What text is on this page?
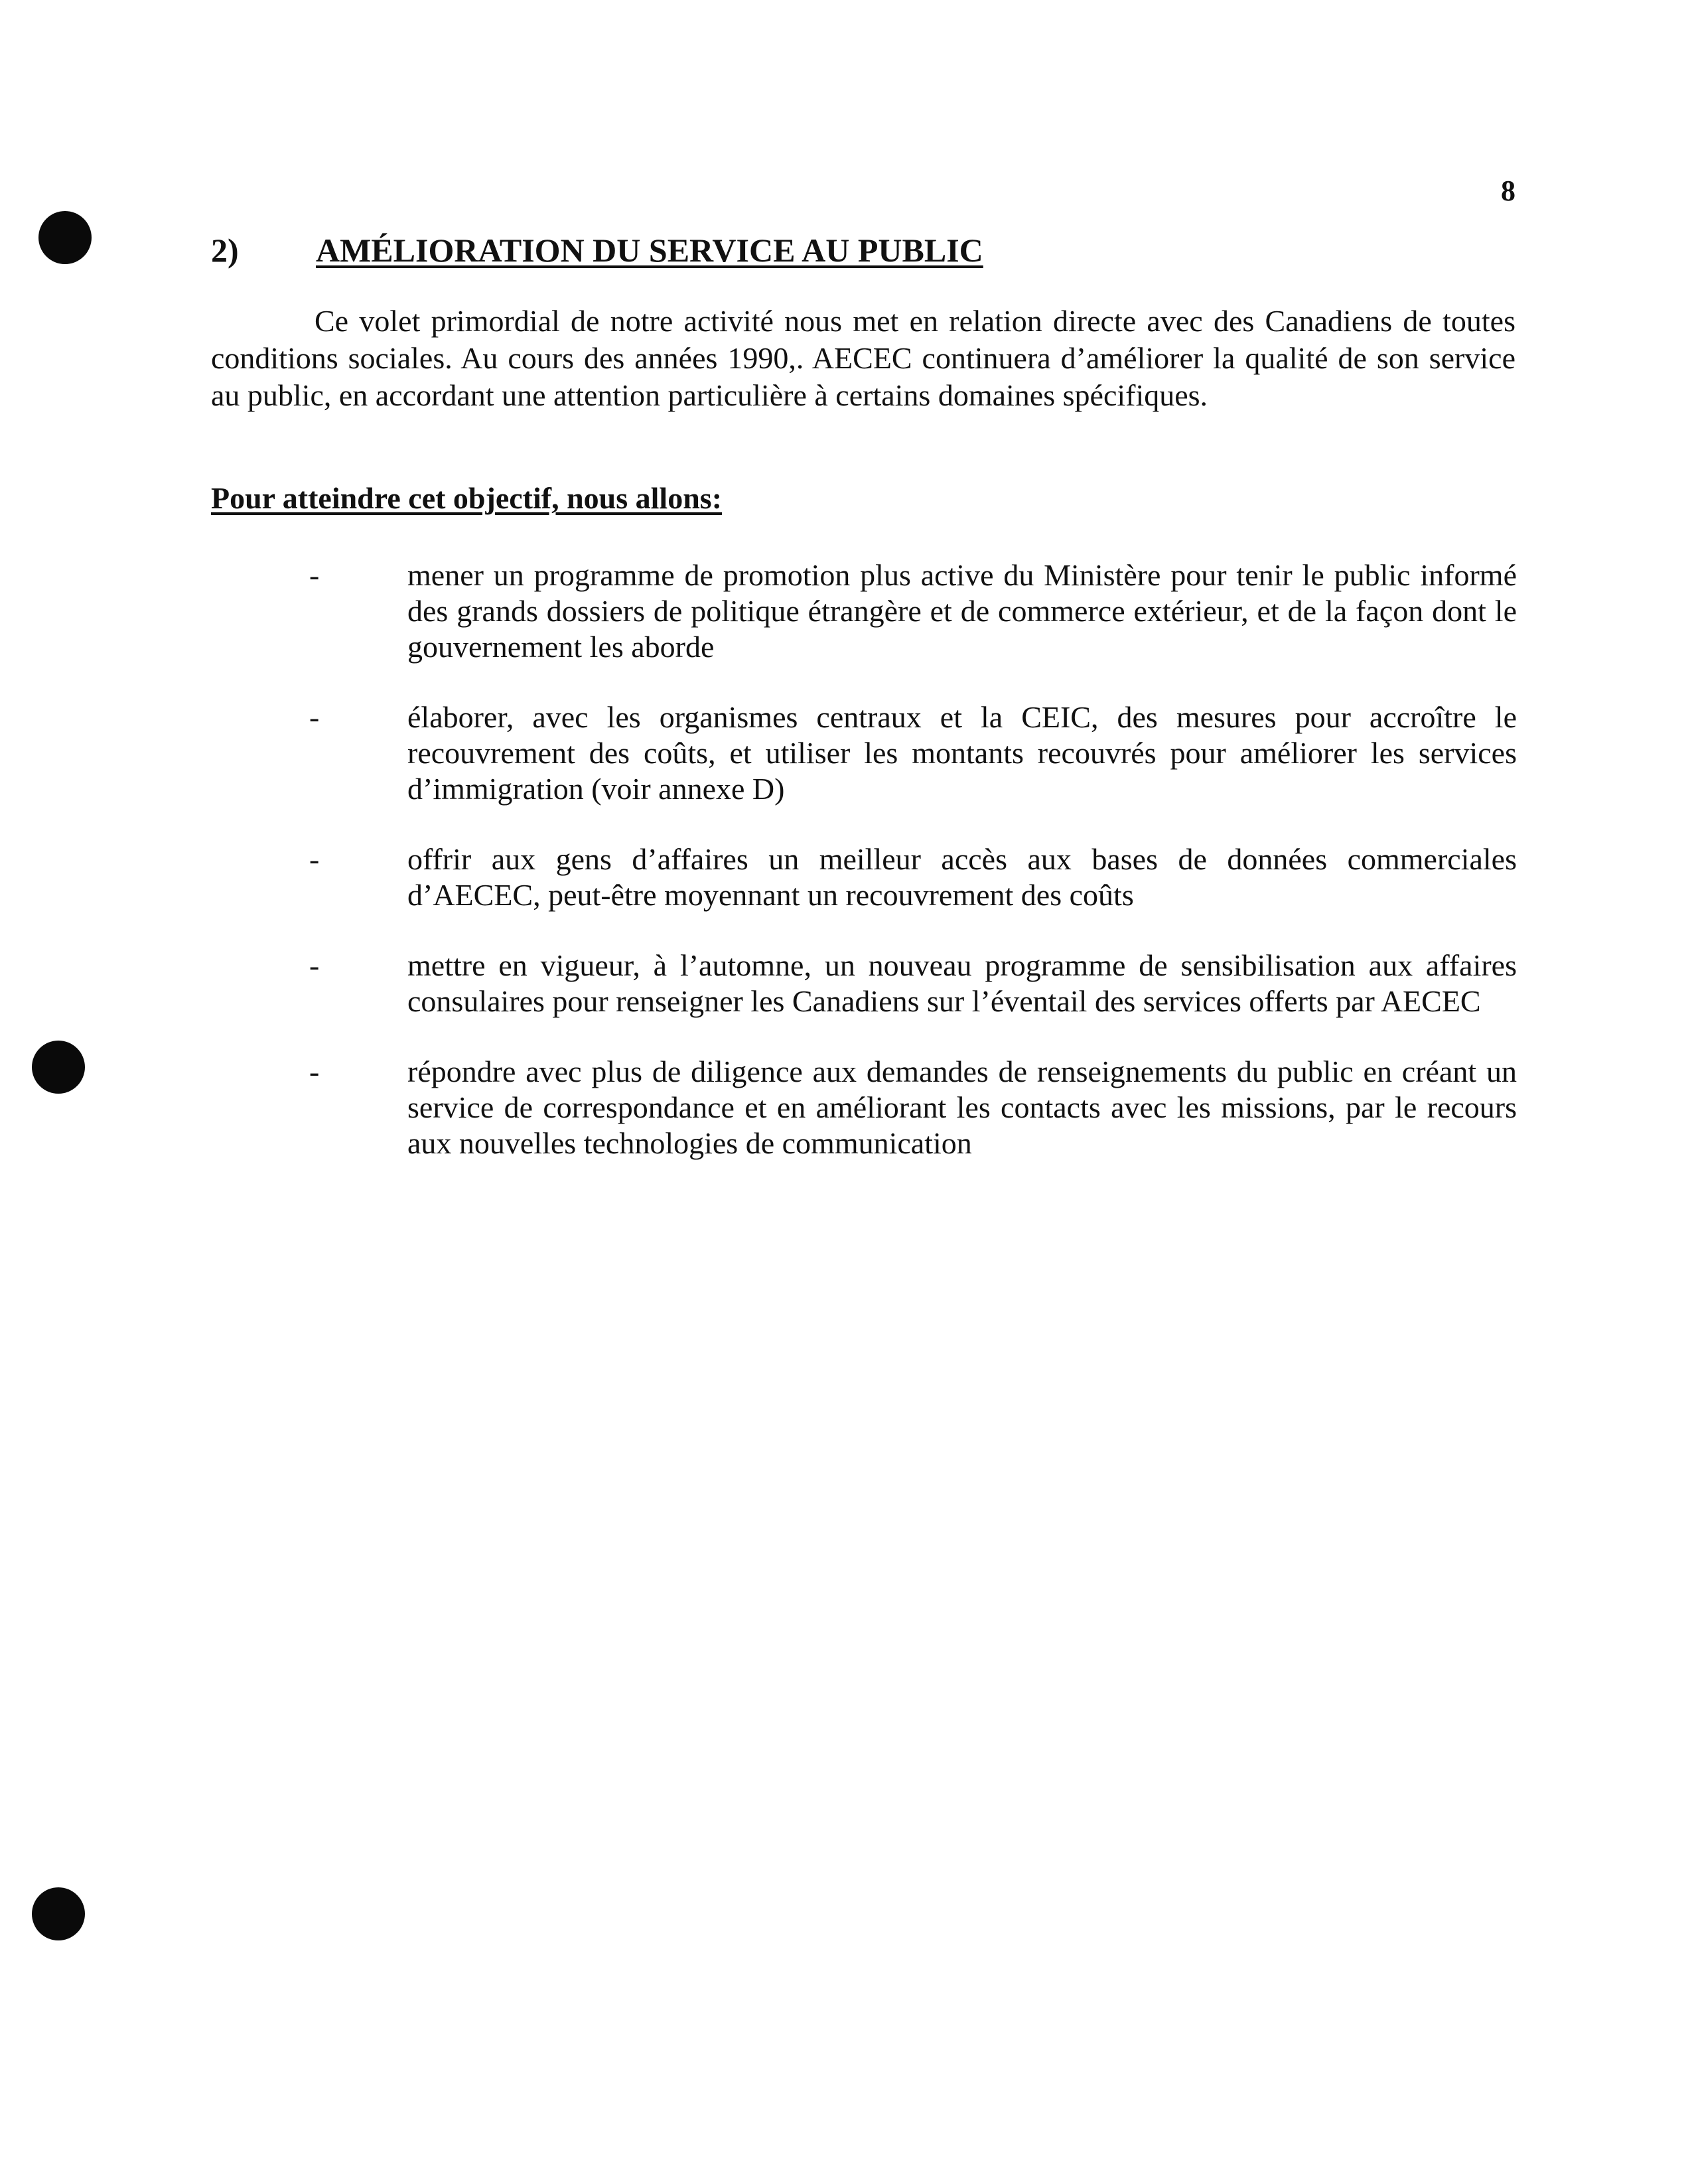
8
2) AMÉLIORATION DU SERVICE AU PUBLIC

Ce volet primordial de notre activité nous met en relation directe avec des Canadiens de toutes conditions sociales. Au cours des années 1990,. AECEC continuera d’améliorer la qualité de son service au public, en accordant une attention particulière à certains domaines spécifiques.

Pour atteindre cet objectif, nous allons:
-	mener un programme de promotion plus active du Ministère pour tenir le public informé des grands dossiers de politique étrangère et de commerce extérieur, et de la façon dont le gouvernement les aborde
-	élaborer, avec les organismes centraux et la CEIC, des mesures pour accroître le recouvrement des coûts, et utiliser les montants recouvrés pour améliorer les services d’immigration (voir annexe D)
-	offrir aux gens d’affaires un meilleur accès aux bases de données commerciales d’AECEC, peut-être moyennant un recouvrement des coûts
-	mettre en vigueur, à l’automne, un nouveau programme de sensibilisation aux affaires consulaires pour renseigner les Canadiens sur l’éventail des services offerts par AECEC
-	répondre avec plus de diligence aux demandes de renseignements du public en créant un service de correspondance et en améliorant les contacts avec les missions, par le recours aux nouvelles technologies de communication
